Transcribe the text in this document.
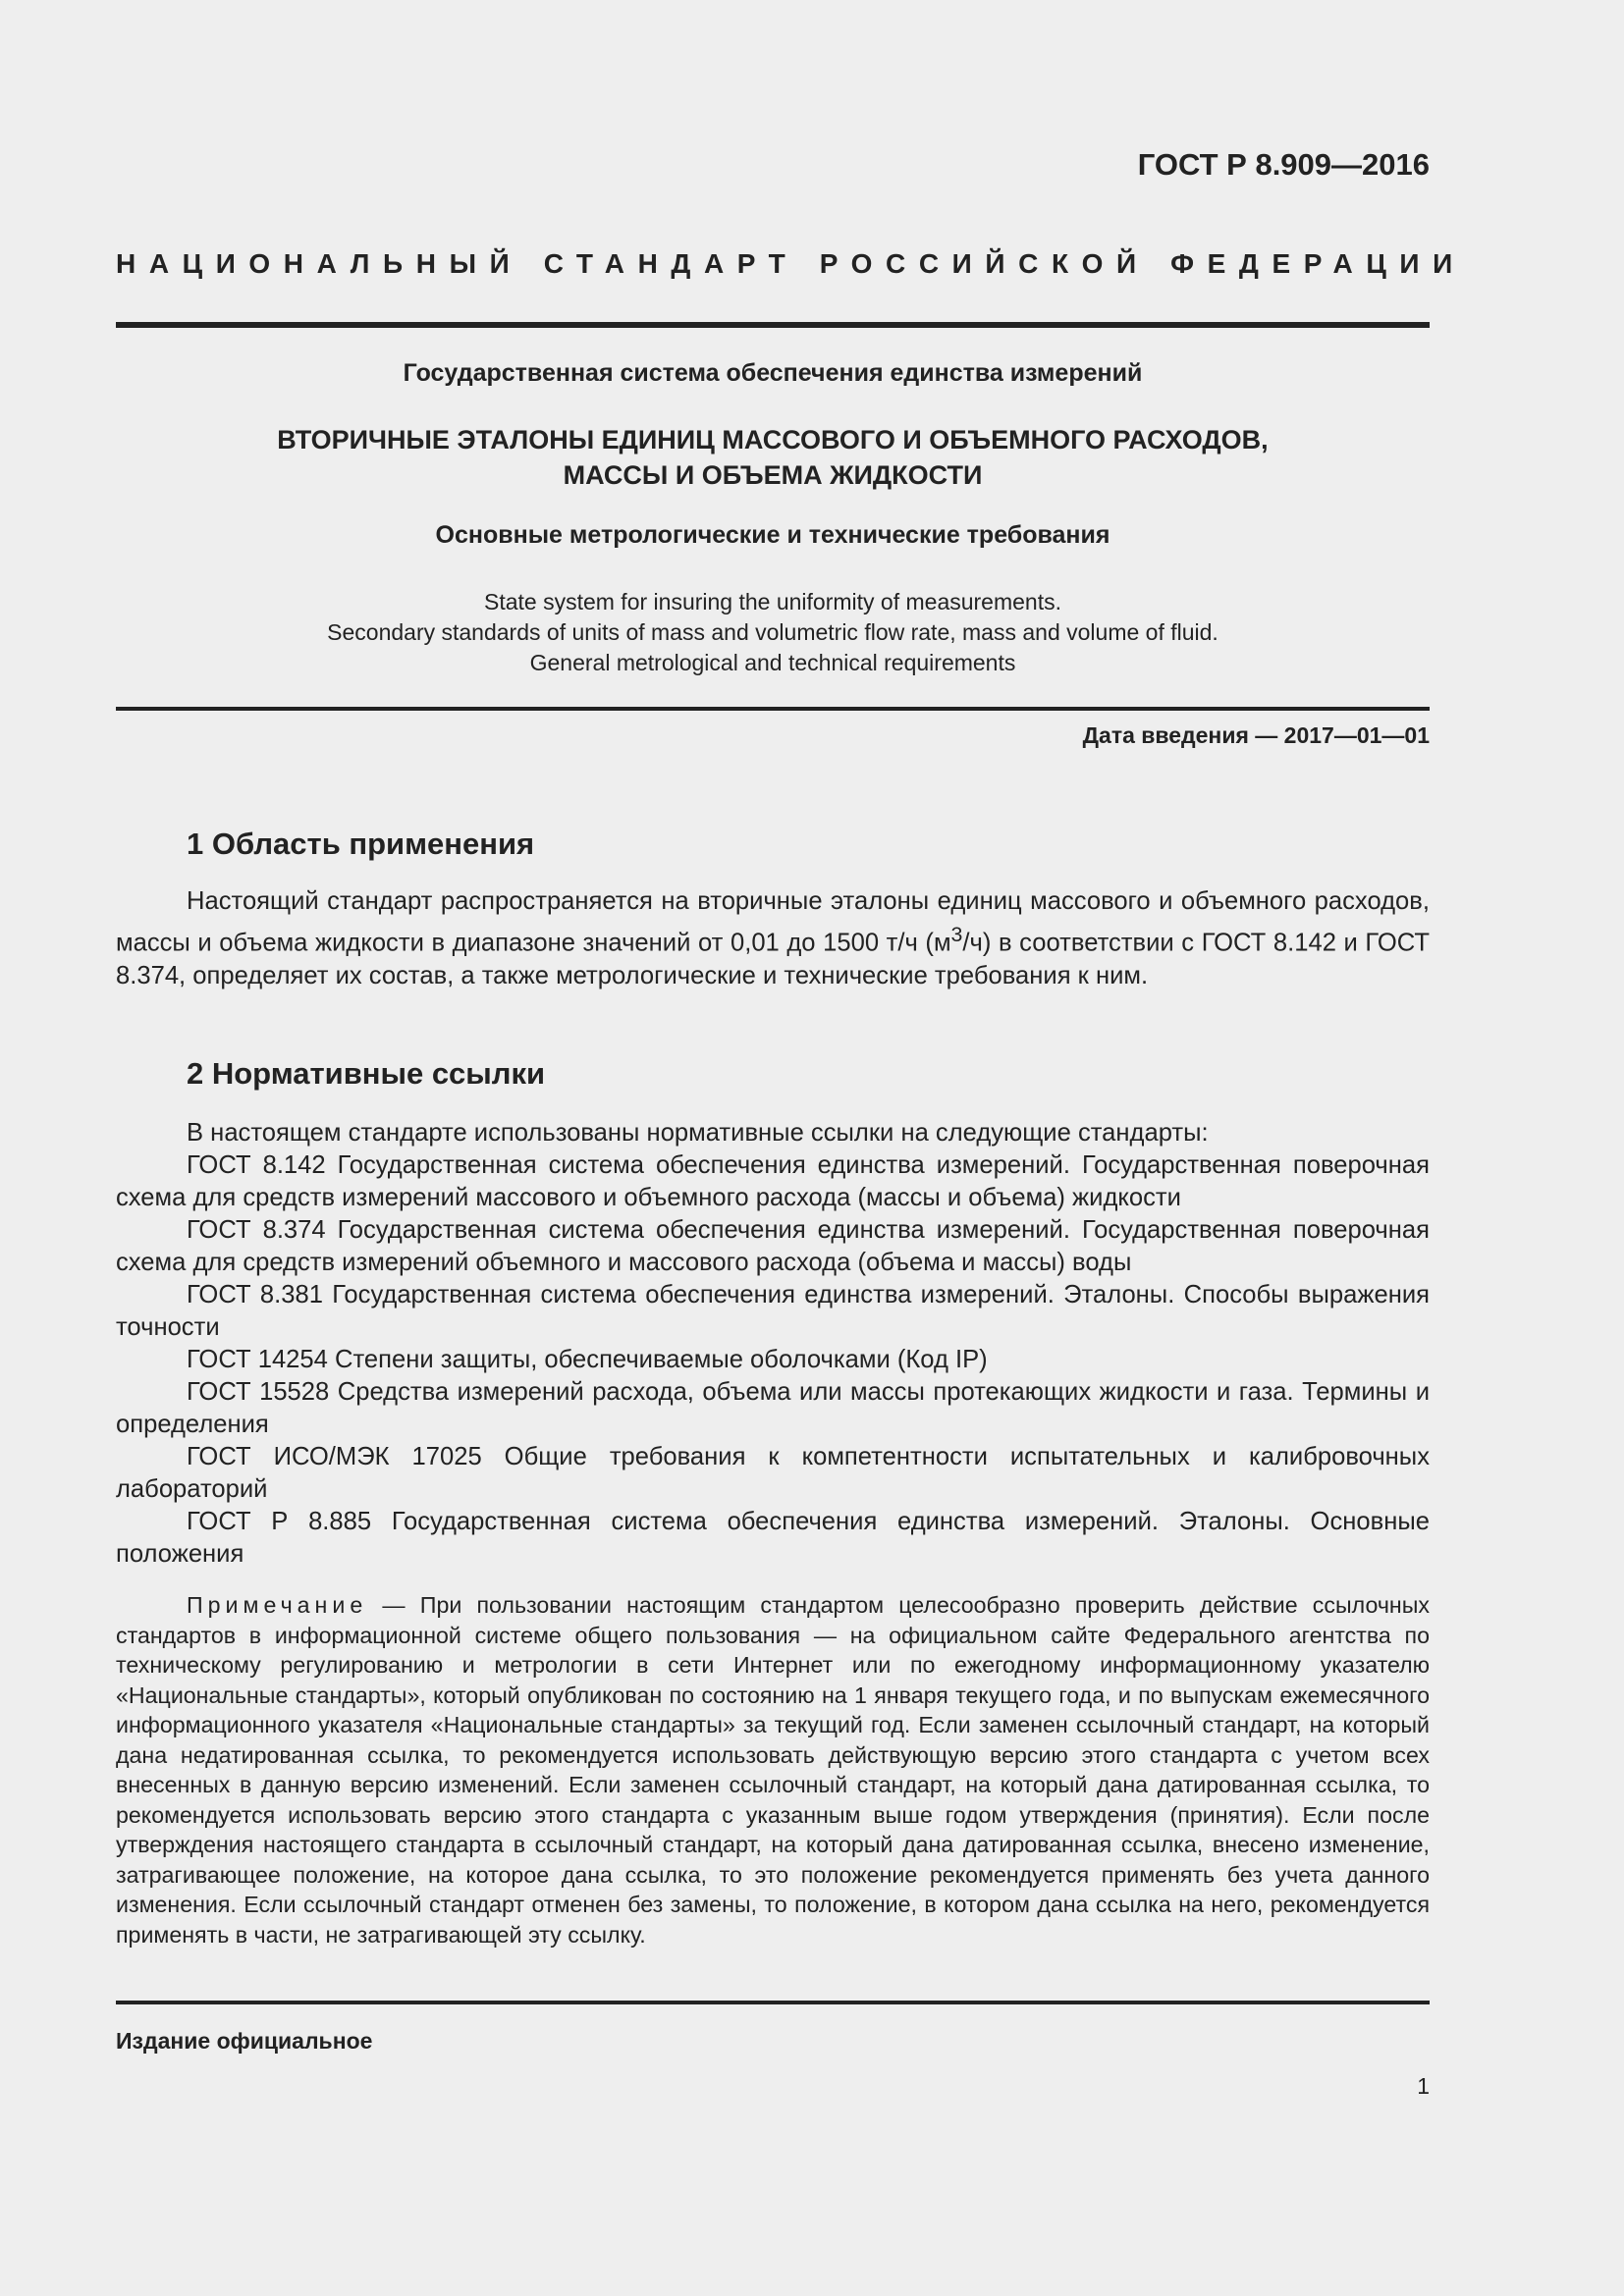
ГОСТ Р 8.909—2016
НАЦИОНАЛЬНЫЙ СТАНДАРТ РОССИЙСКОЙ ФЕДЕРАЦИИ
Государственная система обеспечения единства измерений
ВТОРИЧНЫЕ ЭТАЛОНЫ ЕДИНИЦ МАССОВОГО И ОБЪЕМНОГО РАСХОДОВ,
МАССЫ И ОБЪЕМА ЖИДКОСТИ
Основные метрологические и технические требования
State system for insuring the uniformity of measurements.
Secondary standards of units of mass and volumetric flow rate, mass and volume of fluid.
General metrological and technical requirements
Дата введения — 2017—01—01
1 Область применения
Настоящий стандарт распространяется на вторичные эталоны единиц массового и объемного расходов, массы и объема жидкости в диапазоне значений от 0,01 до 1500 т/ч $(м^3/ч)$ в соответствии с ГОСТ 8.142 и ГОСТ 8.374, определяет их состав, а также метрологические и технические требования к ним.
2 Нормативные ссылки

В настоящем стандарте использованы нормативные ссылки на следующие стандарты:

ГОСТ 8.142 Государственная система обеспечения единства измерений. Государственная поверочная схема для средств измерений массового и объемного расхода (массы и объема) жидкости

ГОСТ 8.374 Государственная система обеспечения единства измерений. Государственная поверочная схема для средств измерений объемного и массового расхода (объема и массы) воды

ГОСТ 8.381 Государственная система обеспечения единства измерений. Эталоны. Способы выражения точности

ГОСТ 14254 Степени защиты, обеспечиваемые оболочками (Код IP)

ГОСТ 15528 Средства измерений расхода, объема или массы протекающих жидкости и газа. Термины и определения

ГОСТ ИСО/МЭК 17025 Общие требования к компетентности испытательных и калибровочных лабораторий

ГОСТ Р 8.885 Государственная система обеспечения единства измерений. Эталоны. Основные положения

Примечание — При пользовании настоящим стандартом целесообразно проверить действие ссылочных стандартов в информационной системе общего пользования — на официальном сайте Федерального агентства по техническому регулированию и метрологии в сети Интернет или по ежегодному информационному указателю «Национальные стандарты», который опубликован по состоянию на 1 января текущего года, и по выпускам ежемесячного информационного указателя «Национальные стандарты» за текущий год. Если заменен ссылочный стандарт, на который дана недатированная ссылка, то рекомендуется использовать действующую версию этого стандарта с учетом всех внесенных в данную версию изменений. Если заменен ссылочный стандарт, на который дана датированная ссылка, то рекомендуется использовать версию этого стандарта с указанным выше годом утверждения (принятия). Если после утверждения настоящего стандарта в ссылочный стандарт, на который дана датированная ссылка, внесено изменение, затрагивающее положение, на которое дана ссылка, то это положение рекомендуется применять без учета данного изменения. Если ссылочный стандарт отменен без замены, то положение, в котором дана ссылка на него, рекомендуется применять в части, не затрагивающей эту ссылку.
Издание официальное
1
